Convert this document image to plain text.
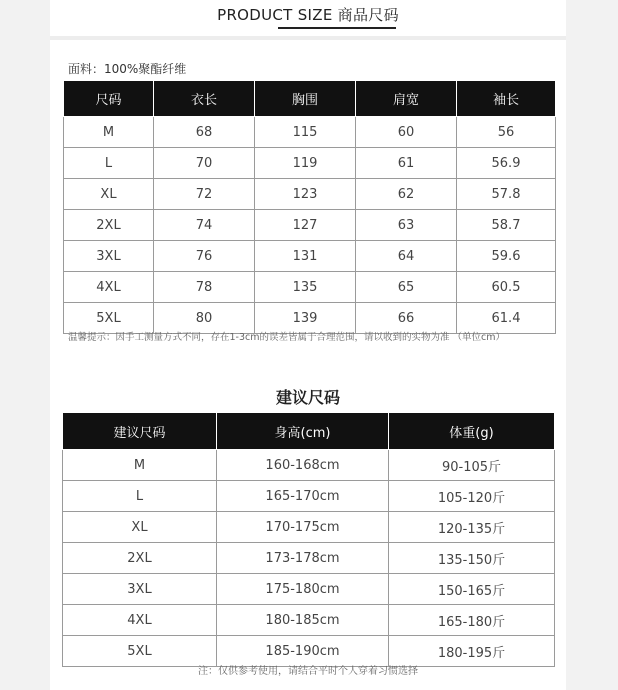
PRODUCT SIZE 商品尺码
面料：100%聚酯纤维
尺码	衣长	胸围	肩宽	袖长
M	68	115	60	56
L	70	119	61	56.9
XL	72	123	62	57.8
2XL	74	127	63	58.7
3XL	76	131	64	59.6
4XL	78	135	65	60.5
5XL	80	139	66	61.4
温馨提示：因手工测量方式不同，存在1-3cm的误差皆属于合理范围，请以收到的实物为准 （单位cm）
建议尺码
建议尺码	身高(cm)	体重(g)
M	160-168cm	90-105斤
L	165-170cm	105-120斤
XL	170-175cm	120-135斤
2XL	173-178cm	135-150斤
3XL	175-180cm	150-165斤
4XL	180-185cm	165-180斤
5XL	185-190cm	180-195斤
注：仅供参考使用，请结合平时个人穿着习惯选择
